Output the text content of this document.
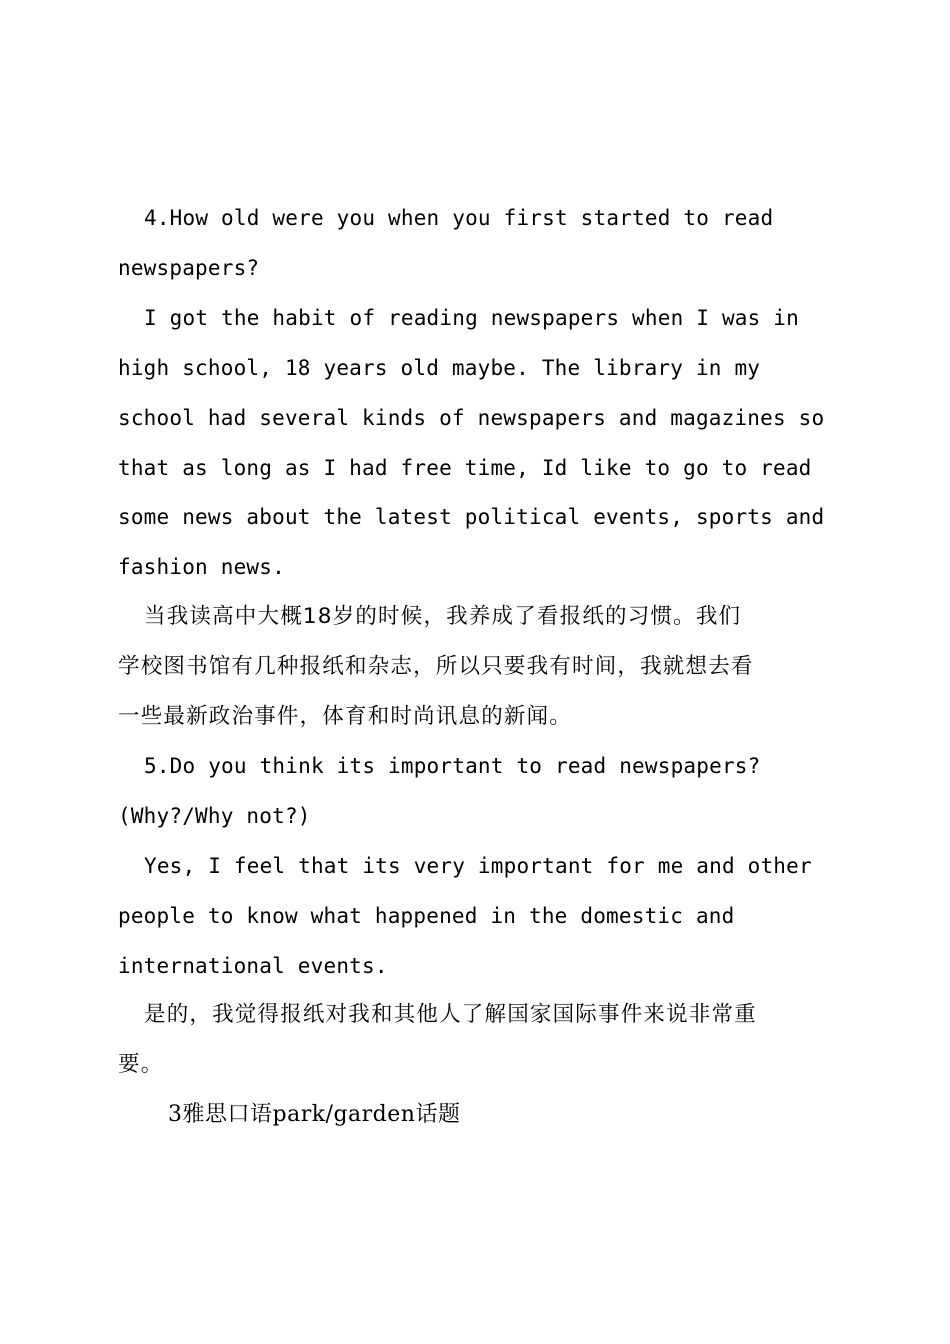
4.How old were you when you first started to read
newspapers?
I got the habit of reading newspapers when I was in
high school, 18 years old maybe. The library in my
school had several kinds of newspapers and magazines so
that as long as I had free time, Id like to go to read
some news about the latest political events, sports and
fashion news.
当我读高中大概18岁的时候，我养成了看报纸的习惯。我们
学校图书馆有几种报纸和杂志，所以只要我有时间，我就想去看
一些最新政治事件，体育和时尚讯息的新闻。
5.Do you think its important to read newspapers?
(Why?/Why not?)
Yes, I feel that its very important for me and other
people to know what happened in the domestic and
international events.
是的，我觉得报纸对我和其他人了解国家国际事件来说非常重
要。
3雅思口语park/garden话题
